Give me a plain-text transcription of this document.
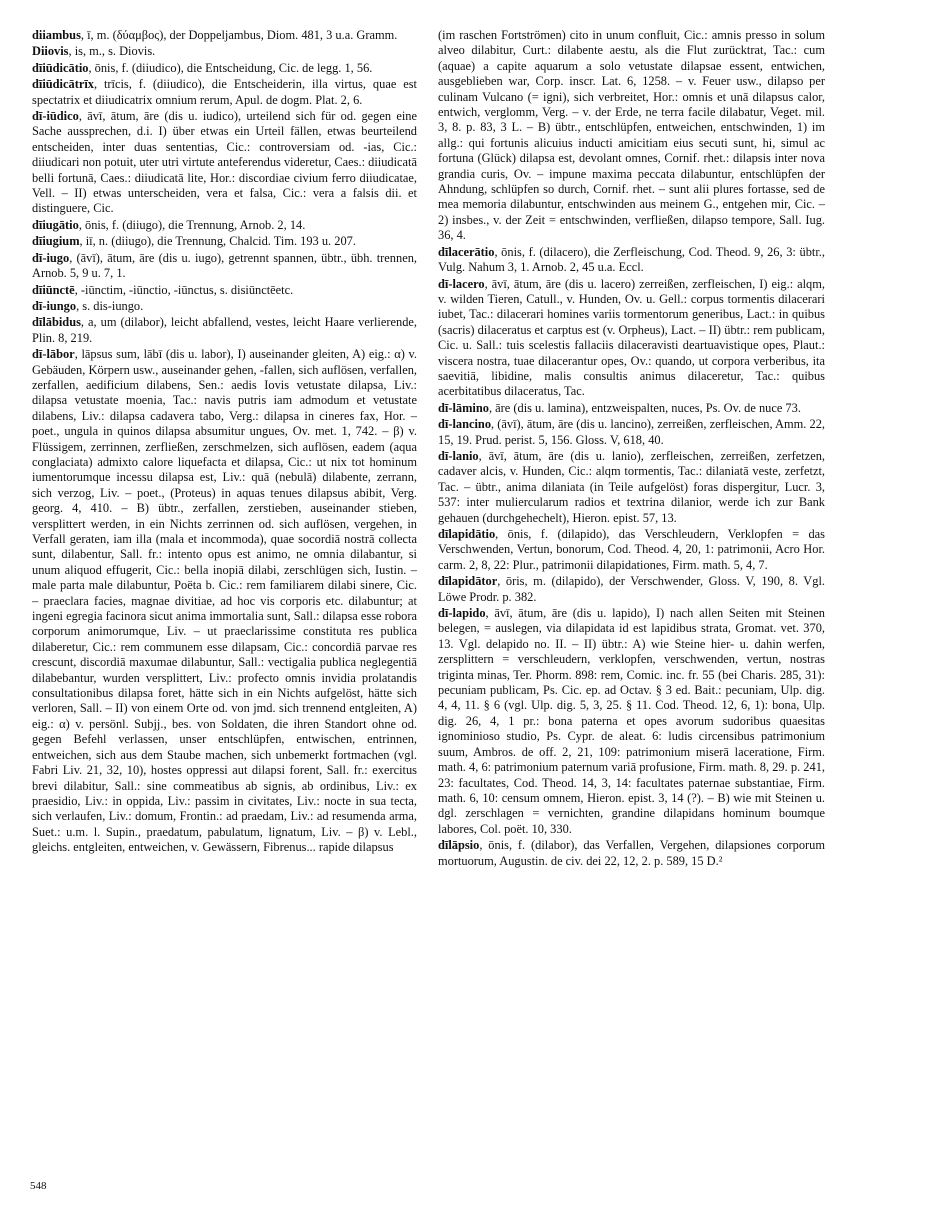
diiambus, ī, m. (δύαμβος), der Doppeljambus, Diom. 481, 3 u.a. Gramm.

Diiovis, is, m., s. Diovis.

dīiūdicātio, ōnis, f. (diiudico), die Entscheidung, Cic. de legg. 1, 56.

dīiūdicātrīx, trīcis, f. (diiudico), die Entscheiderin, illa virtus, quae est spectatrix et diiudicatrix omnium rerum, Apul. de dogm. Plat. 2, 6.

dī-iūdico, āvī, ātum, āre (dis u. iudico), urteilend sich für od. gegen eine Sache aussprechen, d.i. I) über etwas ein Urteil fällen, etwas beurteilend entscheiden, inter duas sententias, Cic.: controversiam od. -ias, Cic.: diiudicari non potuit, uter utri virtute anteferendus videretur, Caes.: diiudicatā belli fortunā, Caes.: diiudicatā lite, Hor.: discordiae civium ferro diiudicatae, Vell. – II) etwas unterscheiden, vera et falsa, Cic.: vera a falsis dii. et distinguere, Cic.

dīiugātio, ōnis, f. (diiugo), die Trennung, Arnob. 2, 14.

dīiugium, iī, n. (diiugo), die Trennung, Chalcid. Tim. 193 u. 207.

dī-iugo, (āvī), ātum, āre (dis u. iugo), getrennt spannen, übtr., übh. trennen, Arnob. 5, 9 u. 7, 1.

dīiūnctē, -iūnctim, -iūnctio, -iūnctus, s. disiūnctēetc.

dī-iungo, s. dis-iungo.

dīlābidus, a, um (dilabor), leicht abfallend, vestes, leicht Haare verlierende, Plin. 8, 219.

dī-lābor, lāpsus sum, lābī (dis u. labor), I) auseinander gleiten, A) eig.: α) v. Gebäuden, Körpern usw., auseinander gehen, -fallen, sich auflösen, verfallen, zerfallen, aedificium dilabens, Sen.: aedis Iovis vetustate dilapsa, Liv.: dilapsa vetustate moenia, Tac.: navis putris iam admodum et vetustate dilabens, Liv.: dilapsa cadavera tabo, Verg.: dilapsa in cineres fax, Hor. – poet., ungula in quinos dilapsa absumitur ungues, Ov. met. 1, 742. – β) v. Flüssigem, zerrinnen, zerfließen, zerschmelzen, sich auflösen, eadem (aqua conglaciata) admixto calore liquefacta et dilapsa, Cic.: ut nix tot hominum iumentorumque incessu dilapsa est, Liv.: quā (nebulā) dilabente, zerrann, sich verzog, Liv. – poet., (Proteus) in aquas tenues dilapsus abibit, Verg. georg. 4, 410. – B) übtr., zerfallen, zerstieben, auseinander stieben, versplittert werden, in ein Nichts zerrinnen od. sich auflösen, vergehen, in Verfall geraten, iam illa (mala et incommoda), quae socordiā nostrā collecta sunt, dilabentur, Sall. fr.: intento opus est animo, ne omnia dilabantur, si unum aliquod effugerit, Cic.: bella inopiā dilabi, zerschlügen sich, Iustin. – male parta male dilabuntur, Poëta b. Cic.: rem familiarem dilabi sinere, Cic. – praeclara facies, magnae divitiae, ad hoc vis corporis etc. dilabuntur; at ingeni egregia facinora sicut anima immortalia sunt, Sall.: dilapsa esse robora corporum animorumque, Liv. – ut praeclarissime constituta res publica dilaberetur, Cic.: rem communem esse dilapsam, Cic.: concordiā parvae res crescunt, discordiā maxumae dilabuntur, Sall.: vectigalia publica neglegentiā dilabebantur, wurden versplittert, Liv.: profecto omnis invidia prolatandis consultationibus dilapsa foret, hätte sich in ein Nichts aufgelöst, hätte sich verloren, Sall. – II) von einem Orte od. von jmd. sich trennend entgleiten, A) eig.: α) v. persönl. Subjj., bes. von Soldaten, die ihren Standort ohne od. gegen Befehl verlassen, unser entschlüpfen, entwischen, entrinnen, entweichen, sich aus dem Staube machen, sich unbemerkt fortmachen (vgl. Fabri Liv. 21, 32, 10), hostes oppressi aut dilapsi forent, Sall. fr.: exercitus brevi dilabitur, Sall.: sine commeatibus ab signis, ab ordinibus, Liv.: ex praesidio, Liv.: in oppida, Liv.: passim in civitates, Liv.: nocte in sua tecta, sich verlaufen, Liv.: domum, Frontin.: ad praedam, Liv.: ad resumenda arma, Suet.: u.m. l. Supin., praedatum, pabulatum, lignatum, Liv. – β) v. Lebl., gleichs. entgleiten, entweichen, v. Gewässern, Fibrenus... rapide dilapsus

(im raschen Fortströmen) cito in unum confluit, Cic.: amnis presso in solum alveo dilabitur, Curt.: dilabente aestu, als die Flut zurücktrat, Tac.: cum (aquae) a capite aquarum a solo vetustate dilapsae essent, entwichen, ausgeblieben war, Corp. inscr. Lat. 6, 1258. – v. Feuer usw., dilapso per culinam Vulcano (= igni), sich verbreitet, Hor.: omnis et unā dilapsus calor, entwich, verglomm, Verg. – v. der Erde, ne terra facile dilabatur, Veget. mil. 3, 8. p. 83, 3 L. – B) übtr., entschlüpfen, entweichen, entschwinden, 1) im allg.: qui fortunis alicuius inducti amicitiam eius secuti sunt, hi, simul ac fortuna (Glück) dilapsa est, devolant omnes, Cornif. rhet.: dilapsis inter nova grandia curis, Ov. – impune maxima peccata dilabuntur, entschlüpfen der Ahndung, schlüpfen so durch, Cornif. rhet. – sunt alii plures fortasse, sed de mea memoria dilabuntur, entschwinden aus meinem G., entgehen mir, Cic. – 2) insbes., v. der Zeit = entschwinden, verfließen, dilapso tempore, Sall. Iug. 36, 4.

dīlacerātio, ōnis, f. (dilacero), die Zerfleischung, Cod. Theod. 9, 26, 3: übtr., Vulg. Nahum 3, 1. Arnob. 2, 45 u.a. Eccl.

dī-lacero, āvī, ātum, āre (dis u. lacero) zerreißen, zerfleischen, I) eig.: alqm, v. wilden Tieren, Catull., v. Hunden, Ov. u. Gell.: corpus tormentis dilacerari iubet, Tac.: dilacerari homines variis tormentorum generibus, Lact.: in quibus (sacris) dilaceratus et carptus est (v. Orpheus), Lact. – II) übtr.: rem publicam, Cic. u. Sall.: tuis scelestis fallaciis dilaceravisti deartuavistique opes, Plaut.: viscera nostra, tuae dilacerantur opes, Ov.: quando, ut corpora verberibus, ita saevitiā, libidine, malis consultis animus dilaceretur, Tac.: quibus acerbitatibus dilaceratus, Tac.

dī-lāmino, āre (dis u. lamina), entzweispalten, nuces, Ps. Ov. de nuce 73.

dī-lancino, (āvī), ātum, āre (dis u. lancino), zerreißen, zerfleischen, Amm. 22, 15, 19. Prud. perist. 5, 156. Gloss. V, 618, 40.

dī-lanio, āvī, ātum, āre (dis u. lanio), zerfleischen, zerreißen, zerfetzen, cadaver alcis, v. Hunden, Cic.: alqm tormentis, Tac.: dilaniatā veste, zerfetzt, Tac. – übtr., anima dilaniata (in Teile aufgelöst) foras dispergitur, Lucr. 3, 537: inter muliercularum radios et textrina dilanior, werde ich zur Bank gehauen (durchgehechelt), Hieron. epist. 57, 13.

dīlapidātio, ōnis, f. (dilapido), das Verschleudern, Verklopfen = das Verschwenden, Vertun, bonorum, Cod. Theod. 4, 20, 1: patrimonii, Acro Hor. carm. 2, 8, 22: Plur., patrimonii dilapidationes, Firm. math. 5, 4, 7.

dīlapidātor, ōris, m. (dilapido), der Verschwender, Gloss. V, 190, 8. Vgl. Löwe Prodr. p. 382.

dī-lapido, āvī, ātum, āre (dis u. lapido), I) nach allen Seiten mit Steinen belegen, = auslegen, via dilapidata id est lapidibus strata, Gromat. vet. 370, 13. Vgl. delapido no. II. – II) übtr.: A) wie Steine hier- u. dahin werfen, zersplittern = verschleudern, verklopfen, verschwenden, vertun, nostras triginta minas, Ter. Phorm. 898: rem, Comic. inc. fr. 55 (bei Charis. 285, 31): pecuniam publicam, Ps. Cic. ep. ad Octav. § 3 ed. Bait.: pecuniam, Ulp. dig. 4, 4, 11. § 6 (vgl. Ulp. dig. 5, 3, 25. § 11. Cod. Theod. 12, 6, 1): bona, Ulp. dig. 26, 4, 1 pr.: bona paterna et opes avorum sudoribus quaesitas ignominioso studio, Ps. Cypr. de aleat. 6: ludis circensibus patrimonium suum, Ambros. de off. 2, 21, 109: patrimonium miserā laceratione, Firm. math. 4, 6: patrimonium paternum variā profusione, Firm. math. 8, 29. p. 241, 23: facultates, Cod. Theod. 14, 3, 14: facultates paternae substantiae, Firm. math. 6, 10: censum omnem, Hieron. epist. 3, 14 (?). – B) wie mit Steinen u. dgl. zerschlagen = vernichten, grandine dilapidans hominum boumque labores, Col. poët. 10, 330.

dīlāpsio, ōnis, f. (dilabor), das Verfallen, Vergehen, dilapsiones corporum mortuorum, Augustin. de civ. dei 22, 12, 2. p. 589, 15 D.²

548
